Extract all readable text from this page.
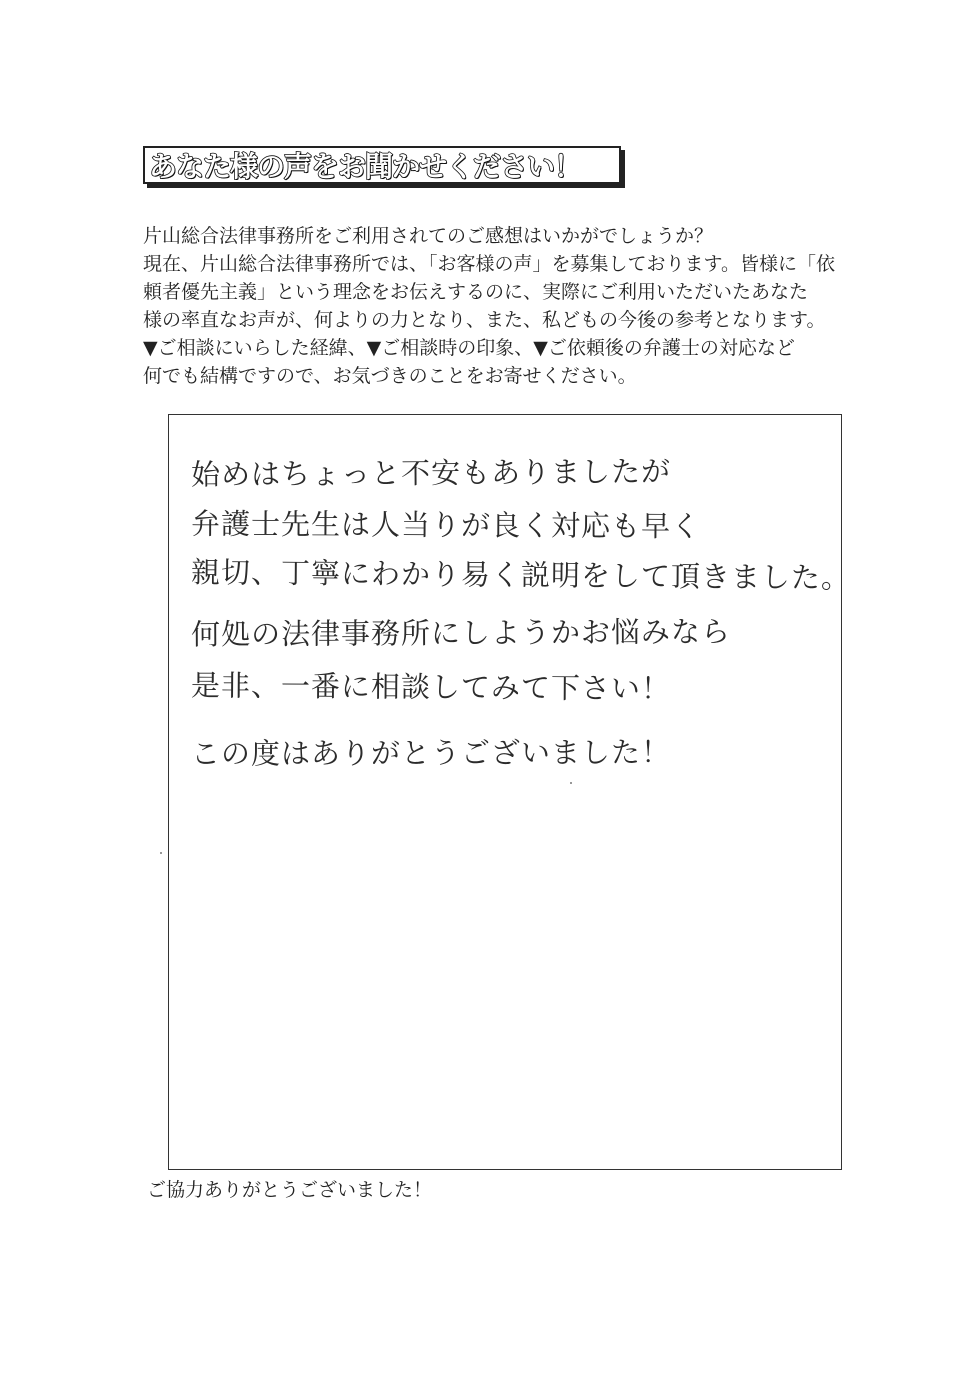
あなた様の声をお聞かせください！

片山総合法律事務所をご利用されてのご感想はいかがでしょうか？

現在、片山総合法律事務所では、「お客様の声」を募集しております。皆様に「依

頼者優先主義」という理念をお伝えするのに、実際にご利用いただいたあなた

様の率直なお声が、何よりの力となり、また、私どもの今後の参考となります。

▼ご相談にいらした経緯、▼ご相談時の印象、▼ご依頼後の弁護士の対応など

何でも結構ですので、お気づきのことをお寄せください。

始めはちょっと不安もありましたが
弁護士先生は人当りが良く対応も早く
親切、丁寧にわかり易く説明をして頂きました。
何処の法律事務所にしようかお悩みなら
是非、一番に相談してみて下さい！
この度はありがとうございました！
ご協力ありがとうございました！
